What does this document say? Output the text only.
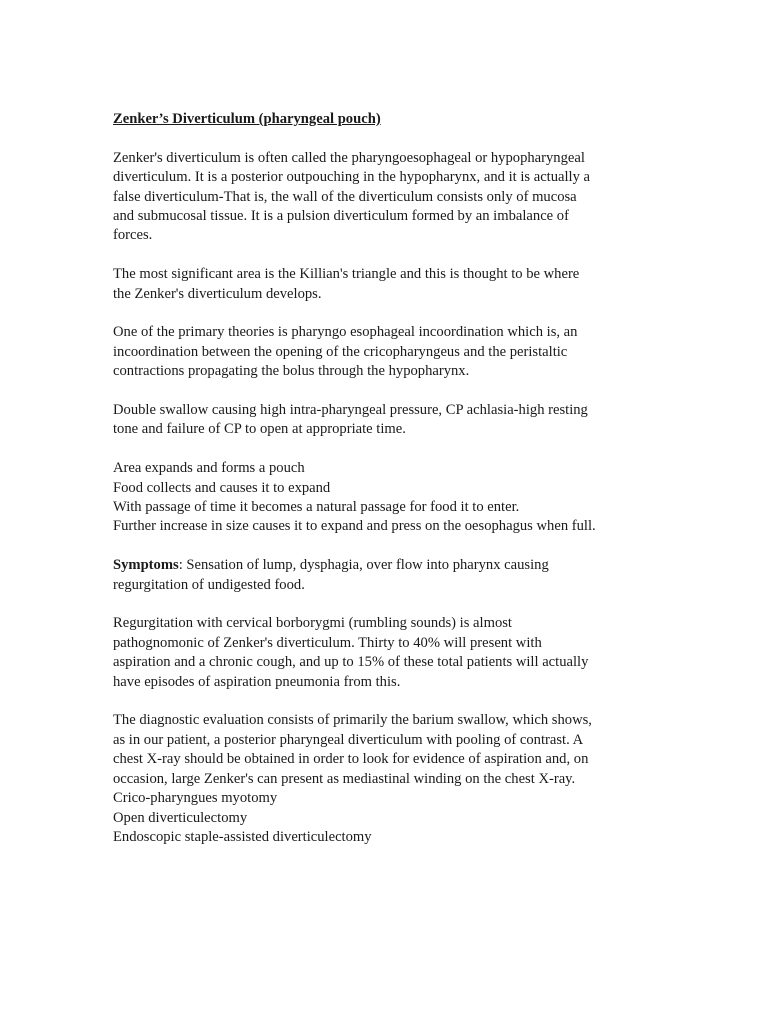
Zenker’s Diverticulum (pharyngeal pouch)
Zenker's diverticulum is often called the pharyngoesophageal or hypopharyngeal
diverticulum. It is a posterior outpouching in the hypopharynx, and it is actually a
false diverticulum-That is, the wall of the diverticulum consists only of mucosa
and submucosal tissue. It is a pulsion diverticulum formed by an imbalance of
forces.
The most significant area is the Killian's triangle and this is thought to be where
the Zenker's diverticulum develops.
One of the primary theories is pharyngo esophageal incoordination which is, an
incoordination between the opening of the cricopharyngeus and the peristaltic
contractions propagating the bolus through the hypopharynx.
Double swallow causing high intra-pharyngeal pressure, CP achlasia-high resting
tone and failure of CP to open at appropriate time.
Area expands and forms a pouch
Food collects and causes it to expand
With passage of time it becomes a natural passage for food it to enter.
Further increase in size causes it to expand and press on the oesophagus when full.
Symptoms: Sensation of lump, dysphagia, over flow into pharynx causing
regurgitation of undigested food.
Regurgitation with cervical borborygmi (rumbling sounds) is almost
pathognomonic of Zenker's diverticulum. Thirty to 40% will present with
aspiration and a chronic cough, and up to 15% of these total patients will actually
have episodes of aspiration pneumonia from this.
The diagnostic evaluation consists of primarily the barium swallow, which shows,
as in our patient, a posterior pharyngeal diverticulum with pooling of contrast. A
chest X-ray should be obtained in order to look for evidence of aspiration and, on
occasion, large Zenker's can present as mediastinal winding on the chest X-ray.
Crico-pharyngues myotomy
Open diverticulectomy
Endoscopic staple-assisted diverticulectomy
